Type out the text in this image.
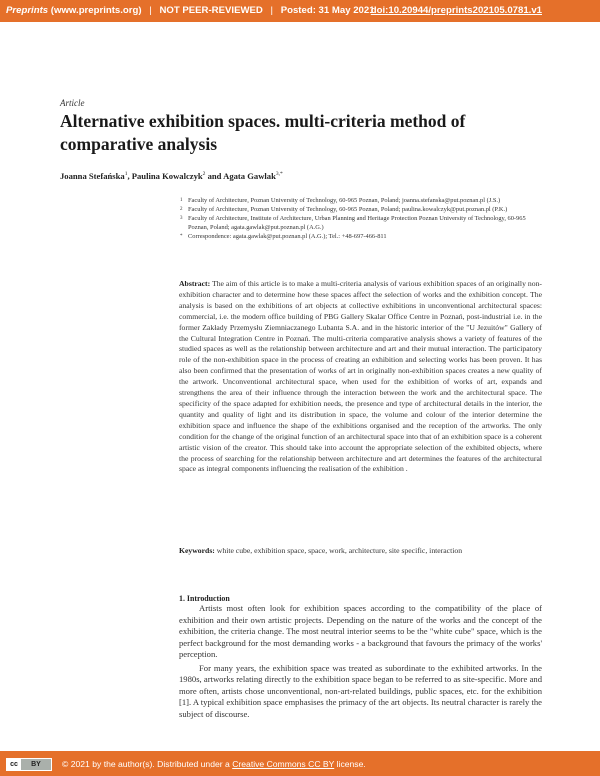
Preprints (www.preprints.org) | NOT PEER-REVIEWED | Posted: 31 May 2021
doi:10.20944/preprints202105.0781.v1
Article
Alternative exhibition spaces. multi-criteria method of comparative analysis
Joanna Stefańska$^1$, Paulina Kowalczyk$^2$ and Agata Gawlak$^{3,*}$
1 Faculty of Architecture, Poznan University of Technology, 60-965 Poznan, Poland; joanna.stefanska@put.poznan.pl (J.S.)
2 Faculty of Architecture, Poznan University of Technology, 60-965 Poznan, Poland; paulina.kowalczyk@put.poznan.pl (P.K.)
3 Faculty of Architecture, Institute of Architecture, Urban Planning and Heritage Protection Poznan University of Technology, 60-965 Poznan, Poland; agata.gawlak@put.poznan.pl (A.G.)
* Correspondence: agata.gawlak@put.poznan.pl (A.G.); Tel.: +48-697-466-811
Abstract: The aim of this article is to make a multi-criteria analysis of various exhibition spaces of an originally non-exhibition character and to determine how these spaces affect the selection of works and the exhibition concept. The analysis is based on the exhibitions of art objects at collective exhibitions in unconventional architectural spaces: commercial, i.e. the modern office building of PBG Gallery Skalar Office Centre in Poznań, post-industrial i.e. in the former Zakłady Przemysłu Ziemniaczanego Lubanta S.A. and in the historic interior of the "U Jezuitów" Gallery of the Cultural Integration Centre in Poznań. The multi-criteria comparative analysis shows a variety of features of the studied spaces as well as the relationship between architecture and art and their mutual interaction. The participatory role of the non-exhibition space in the process of creating an exhibition and selecting works has been proven. It has also been confirmed that the presentation of works of art in originally non-exhibition spaces creates a new quality of the artwork. Unconventional architectural space, when used for the exhibition of works of art, expands and strengthens the area of their influence through the interaction between the work and the architectural space. The specificity of the space adapted for exhibition needs, the presence and type of architectural details in the interior, the quantity and quality of light and its distribution in space, the volume and colour of the interior determine the exhibition space and influence the shape of the exhibitions organised and the reception of the artworks. The only condition for the change of the original function of an architectural space into that of an exhibition space is a coherent artistic vision of the creator. This should take into account the appropriate selection of the exhibited objects, where the process of searching for the relationship between architecture and art determines the features of the architectural space as integral components influencing the realisation of the exhibition .
Keywords: white cube, exhibition space, space, work, architecture, site specific, interaction
1. Introduction

Artists most often look for exhibition spaces according to the compatibility of the place of exhibition and their own artistic projects. Depending on the nature of the works and the concept of the exhibition, the criteria change. The most neutral interior seems to be the "white cube" space, which is the perfect background for the most demanding works - a background that favours the primacy of the works' perception.

For many years, the exhibition space was treated as subordinate to the exhibited artworks. In the 1980s, artworks relating directly to the exhibition space began to be referred to as site-specific. More and more often, artists chose unconventional, non-art-related buildings, public spaces, etc. for the exhibition [1]. A typical exhibition space emphasises the primacy of the art objects. Its neutral character is rarely the subject of discourse.

cc	BY	© 2021 by the author(s). Distributed under a Creative Commons CC BY license.
